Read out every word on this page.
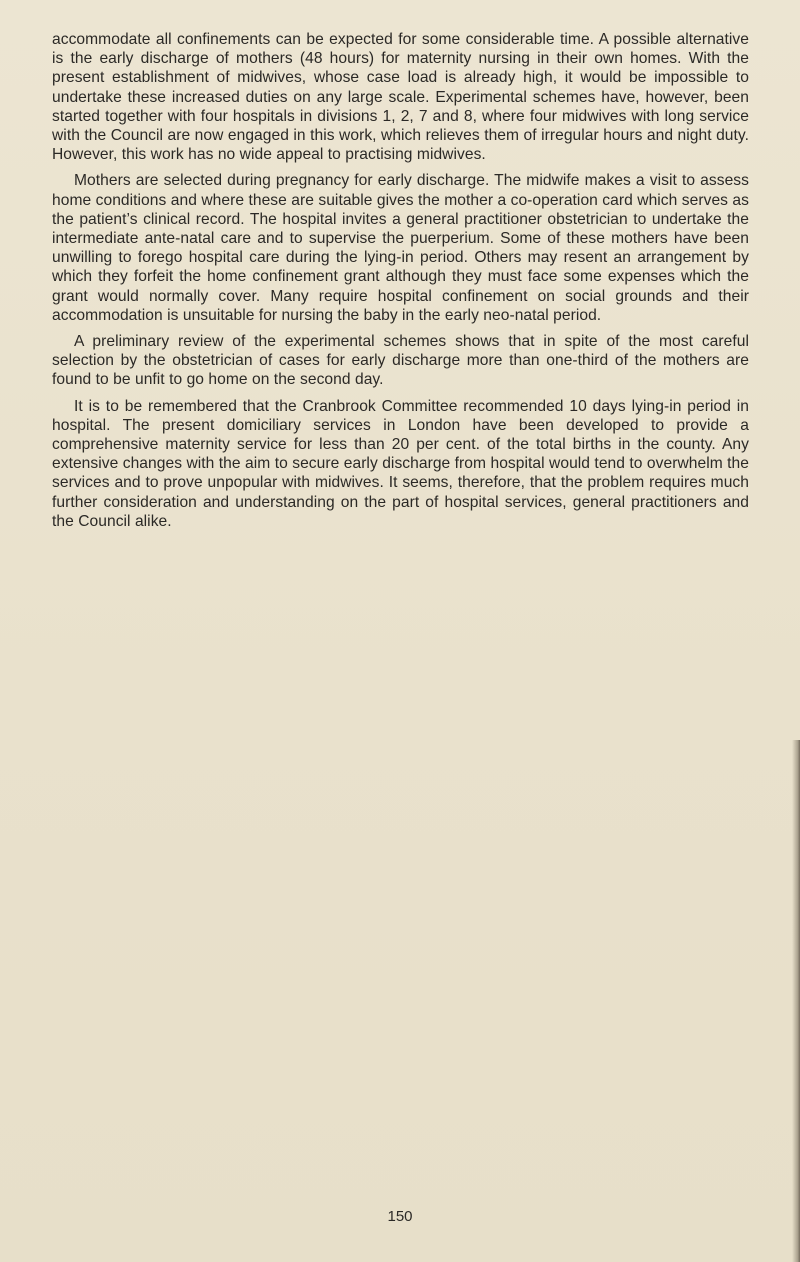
accommodate all confinements can be expected for some considerable time. A possible alternative is the early discharge of mothers (48 hours) for maternity nursing in their own homes. With the present establishment of midwives, whose case load is already high, it would be impossible to undertake these increased duties on any large scale. Experimental schemes have, however, been started together with four hospitals in divisions 1, 2, 7 and 8, where four midwives with long service with the Council are now engaged in this work, which relieves them of irregular hours and night duty. However, this work has no wide appeal to practising midwives.

Mothers are selected during pregnancy for early discharge. The midwife makes a visit to assess home conditions and where these are suitable gives the mother a co-operation card which serves as the patient’s clinical record. The hospital invites a general practitioner obstetrician to undertake the intermediate ante-natal care and to supervise the puerperium. Some of these mothers have been unwilling to forego hospital care during the lying-in period. Others may resent an arrangement by which they forfeit the home confinement grant although they must face some expenses which the grant would normally cover. Many require hospital confinement on social grounds and their accommodation is unsuitable for nursing the baby in the early neo-natal period.

A preliminary review of the experimental schemes shows that in spite of the most careful selection by the obstetrician of cases for early discharge more than one-third of the mothers are found to be unfit to go home on the second day.

It is to be remembered that the Cranbrook Committee recommended 10 days lying-in period in hospital. The present domiciliary services in London have been developed to provide a comprehensive maternity service for less than 20 per cent. of the total births in the county. Any extensive changes with the aim to secure early discharge from hospital would tend to overwhelm the services and to prove unpopular with midwives. It seems, therefore, that the problem requires much further consideration and understanding on the part of hospital services, general practitioners and the Council alike.

150
